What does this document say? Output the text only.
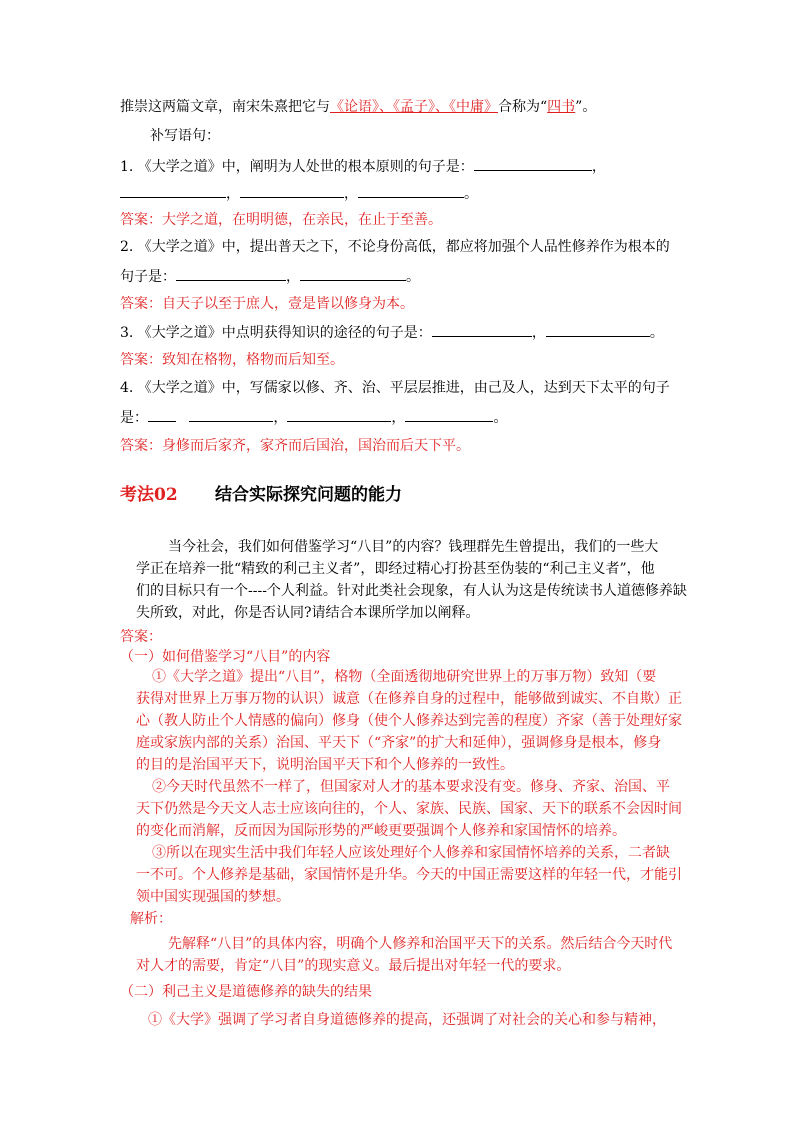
推崇这两篇文章，南宋朱熹把它与《论语》、《孟子》、《中庸》合称为“四书”。
补写语句：
1. 《大学之道》中，阐明为人处世的根本原则的句子是：	，
，	，	。
答案：大学之道，在明明德，在亲民，在止于至善。
2. 《大学之道》中，提出普天之下，不论身份高低，都应将加强个人品性修养作为根本的
句子是：	，	。
答案：自天子以至于庶人，壹是皆以修身为本。
3. 《大学之道》中点明获得知识的途径的句子是：	，	。
答案：致知在格物，格物而后知至。
4. 《大学之道》中，写儒家以修、齐、治、平层层推进，由己及人，达到天下太平的句子
是：	，	，	。
答案：身修而后家齐，家齐而后国治，国治而后天下平。
考法02 结合实际探究问题的能力
当今社会，我们如何借鉴学习“八目”的内容？钱理群先生曾提出，我们的一些大
学正在培养一批“精致的利己主义者”，即经过精心打扮甚至伪装的“利己主义者”，他
们的目标只有一个----个人利益。针对此类社会现象，有人认为这是传统读书人道德修养缺
失所致，对此，你是否认同?请结合本课所学加以阐释。
答案：
（一）如何借鉴学习“八目”的内容
①《大学之道》提出“八目”，格物（全面透彻地研究世界上的万事万物）致知（要
获得对世界上万事万物的认识）诚意（在修养自身的过程中，能够做到诚实、不自欺）正
心（教人防止个人情感的偏向）修身（使个人修养达到完善的程度）齐家（善于处理好家
庭或家族内部的关系）治国、平天下（“齐家”的扩大和延伸），强调修身是根本，修身
的目的是治国平天下，说明治国平天下和个人修养的一致性。
②今天时代虽然不一样了，但国家对人才的基本要求没有变。修身、齐家、治国、平
天下仍然是今天文人志士应该向往的，个人、家族、民族、国家、天下的联系不会因时间
的变化而消解，反而因为国际形势的严峻更要强调个人修养和家国情怀的培养。
③所以在现实生活中我们年轻人应该处理好个人修养和家国情怀培养的关系，二者缺
一不可。个人修养是基础，家国情怀是升华。今天的中国正需要这样的年轻一代，才能引
领中国实现强国的梦想。
解析：
先解释“八目”的具体内容，明确个人修养和治国平天下的关系。然后结合今天时代
对人才的需要，肯定“八目”的现实意义。最后提出对年轻一代的要求。
（二）利己主义是道德修养的缺失的结果
①《大学》强调了学习者自身道德修养的提高，还强调了对社会的关心和参与精神，
